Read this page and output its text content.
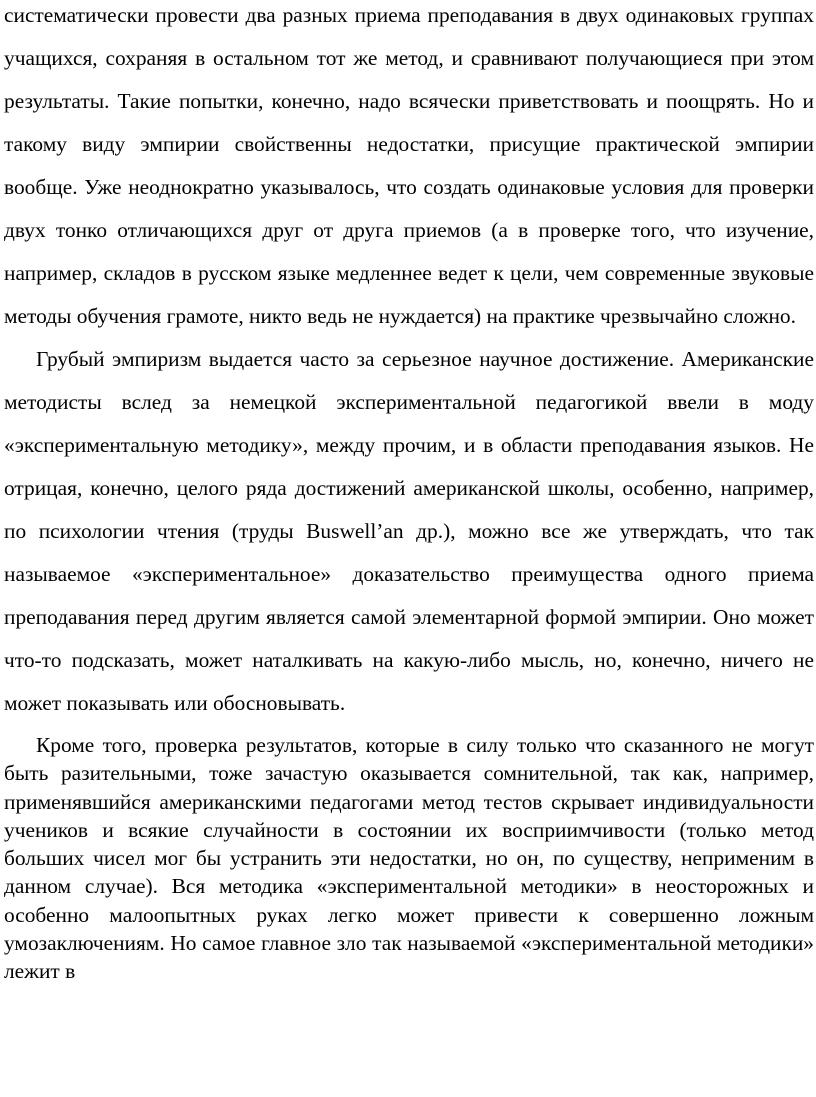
систематически провести два разных приема преподавания в двух одинаковых группах учащихся, сохраняя в остальном тот же метод, и сравнивают получающиеся при этом результаты. Такие попытки, конечно, надо всячески приветствовать и поощрять. Но и такому виду эмпирии свойственны недостатки, присущие практической эмпирии вообще. Уже неоднократно указывалось, что создать одинаковые условия для проверки двух тонко отличающихся друг от друга приемов (а в проверке того, что изучение, например, складов в русском языке медленнее ведет к цели, чем современные звуковые методы обучения грамоте, никто ведь не нуждается) на практике чрезвычайно сложно.

Грубый эмпиризм выдается часто за серьезное научное достижение. Американские методисты вслед за немецкой экспериментальной педагогикой ввели в моду «экспериментальную методику», между прочим, и в области преподавания языков. Не отрицая, конечно, целого ряда достижений американской школы, особенно, например, по психологии чтения (труды Buswell’an др.), можно все же утверждать, что так называемое «экспериментальное» доказательство преимущества одного приема преподавания перед другим является самой элементарной формой эмпирии. Оно может что-то подсказать, может наталкивать на какую-либо мысль, но, конечно, ничего не может показывать или обосновывать.

Кроме того, проверка результатов, которые в силу только что сказанного не могут быть разительными, тоже зачастую оказывается сомнительной, так как, например, применявшийся американскими педагогами метод тестов скрывает индивидуальности учеников и всякие случайности в состоянии их восприимчивости (только метод больших чисел мог бы устранить эти недостатки, но он, по существу, неприменим в данном случае). Вся методика «экспериментальной методики» в неосторожных и особенно малоопытных руках легко может привести к совершенно ложным умозаключениям. Но самое главное зло так называемой «экспериментальной методики» лежит в
